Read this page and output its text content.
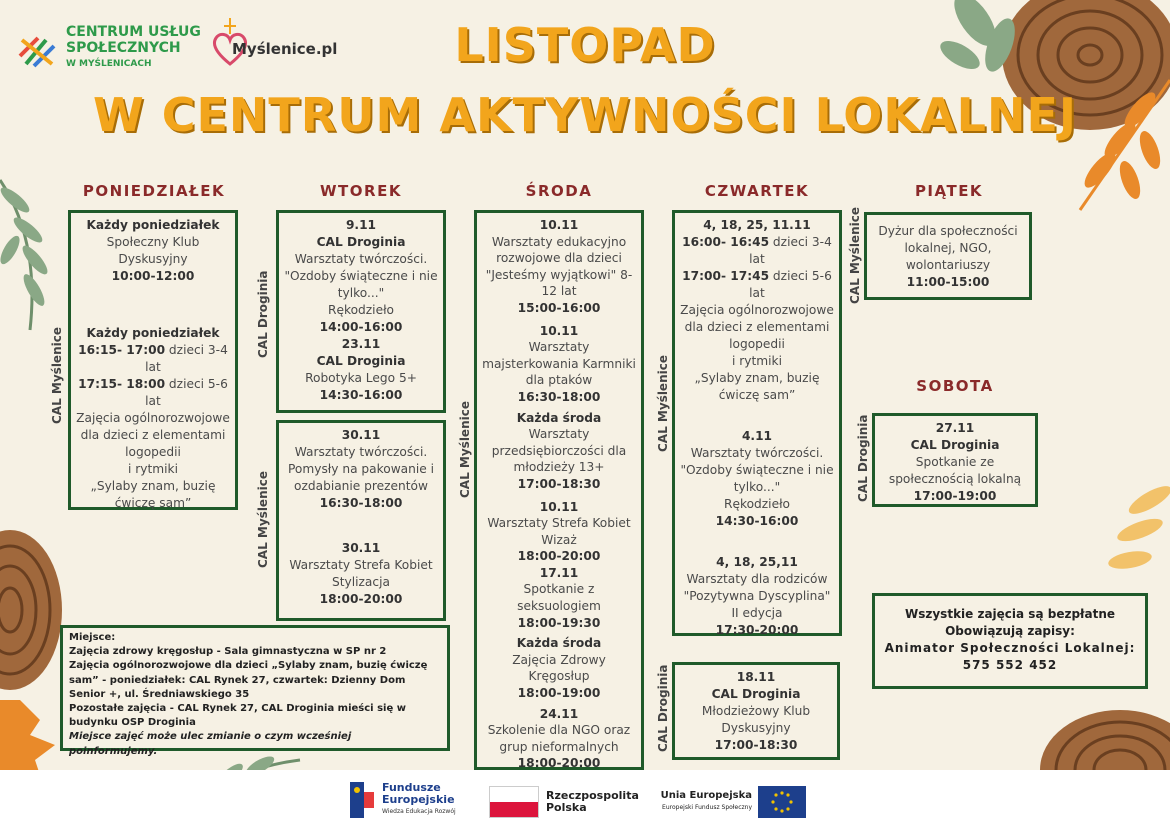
CENTRUM USŁUG
SPOŁECZNYCH
W MYŚLENICACH
Myślenice.pl	LISTOPAD
W CENTRUM AKTYWNOŚCI LOKALNEJ
PONIEDZIAŁEK	WTOREK	ŚRODA	CZWARTEK	PIĄTEK
SOBOTA
CAL Myślenice
CAL Droginia
CAL Myślenice
CAL Myślenice	CAL Myślenice
CAL Droginia
CAL Myślenice
CAL Droginia
Każdy poniedziałek
Społeczny Klub Dyskusyjny
10:00-12:00
Każdy poniedziałek
16:15- 17:00 dzieci 3-4 lat
17:15- 18:00 dzieci 5-6 lat
Zajęcia ogólnorozwojowe dla dzieci z elementami logopedii
i rytmiki
„Sylaby znam, buzię ćwiczę sam”
9.11
CAL Droginia
Warsztaty twórczości. "Ozdoby świąteczne i nie tylko..."
Rękodzieło
14:00-16:00
23.11
CAL Droginia
Robotyka Lego 5+
14:30-16:00
30.11
Warsztaty twórczości. Pomysły na pakowanie i ozdabianie prezentów
16:30-18:00
30.11
Warsztaty Strefa Kobiet Stylizacja
18:00-20:00
10.11
Warsztaty edukacyjno rozwojowe dla dzieci "Jesteśmy wyjątkowi" 8-12 lat
15:00-16:00
10.11
Warsztaty majsterkowania Karmniki dla ptaków
16:30-18:00
Każda środa
Warsztaty przedsiębiorczości dla młodzieży 13+
17:00-18:30
10.11
Warsztaty Strefa Kobiet Wizaż
18:00-20:00
17.11
Spotkanie z seksuologiem
18:00-19:30
Każda środa
Zajęcia Zdrowy Kręgosłup
18:00-19:00
24.11
Szkolenie dla NGO oraz grup nieformalnych
18:00-20:00
4, 18, 25, 11.11
16:00- 16:45 dzieci 3-4 lat
17:00- 17:45 dzieci 5-6 lat
Zajęcia ogólnorozwojowe dla dzieci z elementami logopedii
i rytmiki
„Sylaby znam, buzię ćwiczę sam”
4.11
Warsztaty twórczości. "Ozdoby świąteczne i nie tylko..."
Rękodzieło
14:30-16:00
4, 18, 25,11
Warsztaty dla rodziców "Pozytywna Dyscyplina"
II edycja
17:30-20:00
18.11
CAL Droginia
Młodzieżowy Klub Dyskusyjny
17:00-18:30
Dyżur dla społeczności lokalnej, NGO, wolontariuszy
11:00-15:00
27.11
CAL Droginia
Spotkanie ze społecznością lokalną
17:00-19:00
Miejsce:
Zajęcia zdrowy kręgosłup - Sala gimnastyczna w SP nr 2
Zajęcia ogólnorozwojowe dla dzieci „Sylaby znam, buzię ćwiczę sam” - poniedziałek: CAL Rynek 27, czwartek: Dzienny Dom Senior +, ul. Średniawskiego 35
Pozostałe zajęcia - CAL Rynek 27, CAL Droginia mieści się w budynku OSP Droginia
Miejsce zajęć może ulec zmianie o czym wcześniej poinformujemy.
Wszystkie zajęcia są bezpłatne
Obowiązują zapisy:
Animator Społeczności Lokalnej:
575 552 452
Fundusze
Europejskie
Wiedza Edukacja Rozwój
Rzeczpospolita
Polska
Unia Europejska
Europejski Fundusz Społeczny
